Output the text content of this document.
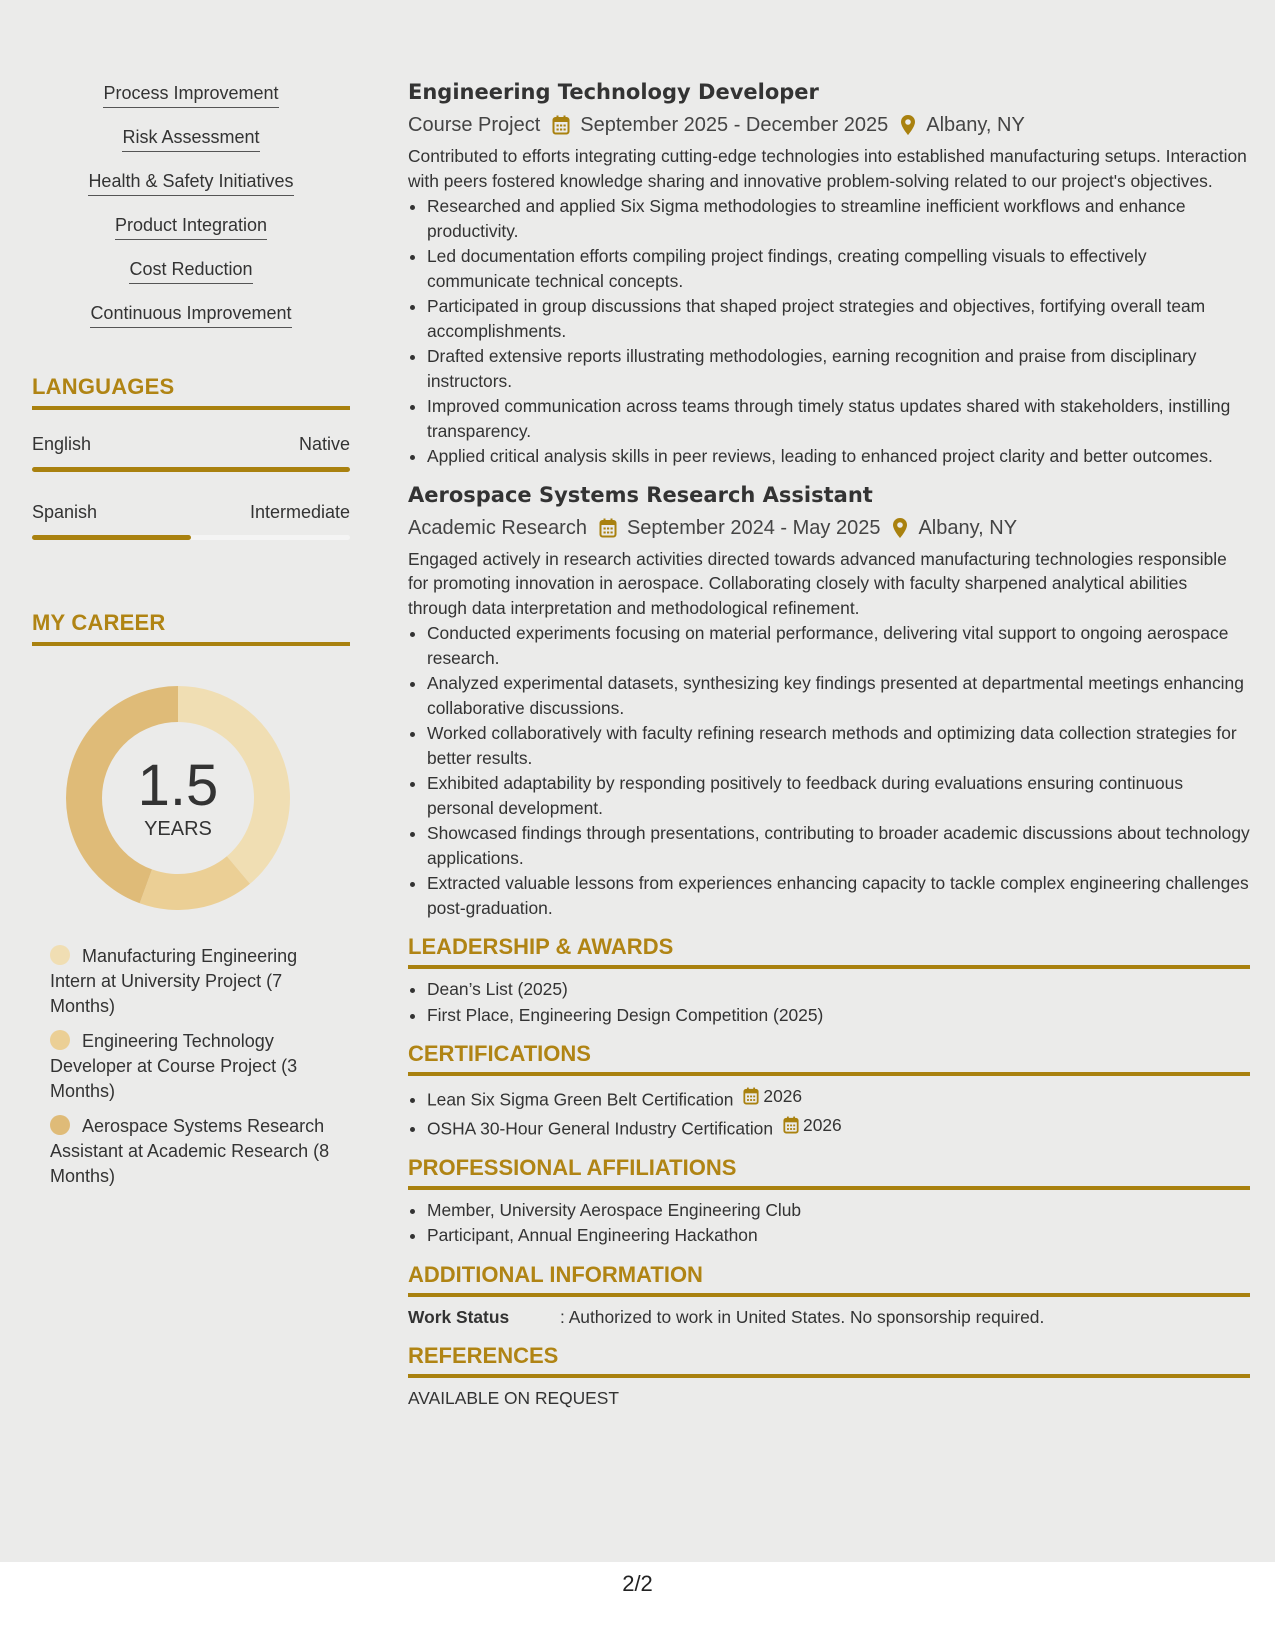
Process Improvement
Risk Assessment
Health & Safety Initiatives
Product Integration
Cost Reduction
Continuous Improvement
LANGUAGES
English	Native
Spanish	Intermediate
MY CAREER
1.5
YEARS
Manufacturing Engineering Intern at University Project (7 Months)
Engineering Technology Developer at Course Project (3 Months)
Aerospace Systems Research Assistant at Academic Research (8 Months)
Engineering Technology Developer
Course Project September 2025 - December 2025 Albany, NY
Contributed to efforts integrating cutting-edge technologies into established manufacturing setups. Interaction with peers fostered knowledge sharing and innovative problem-solving related to our project's objectives.
• Researched and applied Six Sigma methodologies to streamline inefficient workflows and enhance productivity.
• Led documentation efforts compiling project findings, creating compelling visuals to effectively communicate technical concepts.
• Participated in group discussions that shaped project strategies and objectives, fortifying overall team accomplishments.
• Drafted extensive reports illustrating methodologies, earning recognition and praise from disciplinary instructors.
• Improved communication across teams through timely status updates shared with stakeholders, instilling transparency.
• Applied critical analysis skills in peer reviews, leading to enhanced project clarity and better outcomes.
Aerospace Systems Research Assistant
Academic Research September 2024 - May 2025 Albany, NY
Engaged actively in research activities directed towards advanced manufacturing technologies responsible for promoting innovation in aerospace. Collaborating closely with faculty sharpened analytical abilities through data interpretation and methodological refinement.
• Conducted experiments focusing on material performance, delivering vital support to ongoing aerospace research.
• Analyzed experimental datasets, synthesizing key findings presented at departmental meetings enhancing collaborative discussions.
• Worked collaboratively with faculty refining research methods and optimizing data collection strategies for better results.
• Exhibited adaptability by responding positively to feedback during evaluations ensuring continuous personal development.
• Showcased findings through presentations, contributing to broader academic discussions about technology applications.
• Extracted valuable lessons from experiences enhancing capacity to tackle complex engineering challenges post-graduation.
LEADERSHIP & AWARDS
• Dean’s List (2025)
• First Place, Engineering Design Competition (2025)
CERTIFICATIONS
• Lean Six Sigma Green Belt Certification 2026
• OSHA 30-Hour General Industry Certification 2026
PROFESSIONAL AFFILIATIONS
• Member, University Aerospace Engineering Club
• Participant, Annual Engineering Hackathon
ADDITIONAL INFORMATION
Work Status	: Authorized to work in United States. No sponsorship required.
REFERENCES
AVAILABLE ON REQUEST
2/2
